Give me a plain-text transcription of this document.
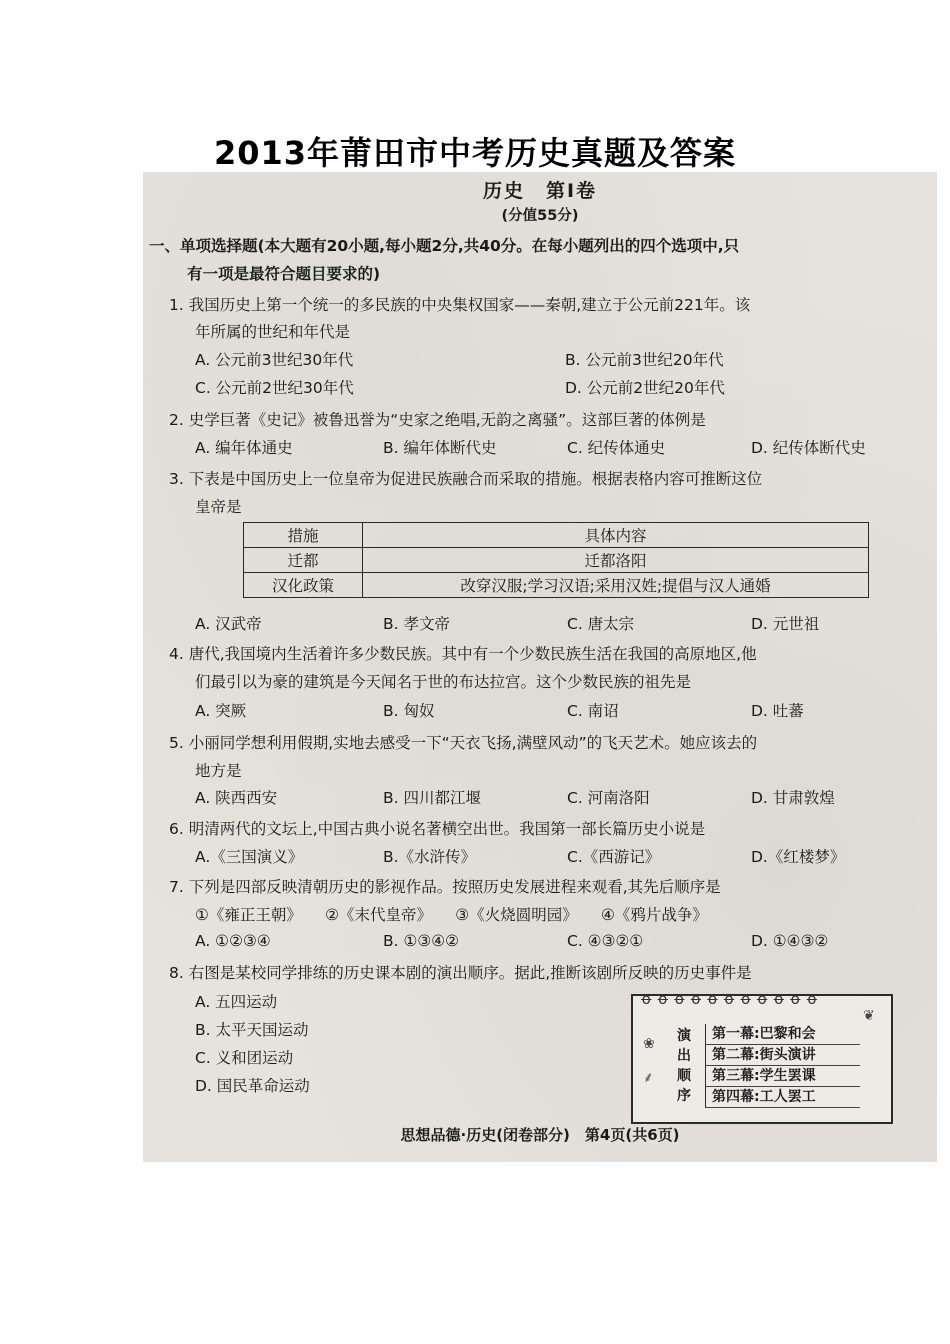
2013年莆田市中考历史真题及答案
历史　第Ⅰ卷
(分值55分)
一、单项选择题(本大题有20小题,每小题2分,共40分。在每小题列出的四个选项中,只
有一项是最符合题目要求的)
1. 我国历史上第一个统一的多民族的中央集权国家——秦朝,建立于公元前221年。该
年所属的世纪和年代是
A. 公元前3世纪30年代	B. 公元前3世纪20年代
C. 公元前2世纪30年代	D. 公元前2世纪20年代
2. 史学巨著《史记》被鲁迅誉为“史家之绝唱,无韵之离骚”。这部巨著的体例是
A. 编年体通史	B. 编年体断代史	C. 纪传体通史	D. 纪传体断代史
3. 下表是中国历史上一位皇帝为促进民族融合而采取的措施。根据表格内容可推断这位
皇帝是
措施	具体内容
迁都	迁都洛阳
汉化政策	改穿汉服;学习汉语;采用汉姓;提倡与汉人通婚
A. 汉武帝	B. 孝文帝	C. 唐太宗	D. 元世祖
4. 唐代,我国境内生活着许多少数民族。其中有一个少数民族生活在我国的高原地区,他
们最引以为豪的建筑是今天闻名于世的布达拉宫。这个少数民族的祖先是
A. 突厥	B. 匈奴	C. 南诏	D. 吐蕃
5. 小丽同学想利用假期,实地去感受一下“天衣飞扬,满壁风动”的飞天艺术。她应该去的
地方是
A. 陕西西安	B. 四川都江堰	C. 河南洛阳	D. 甘肃敦煌
6. 明清两代的文坛上,中国古典小说名著横空出世。我国第一部长篇历史小说是
A.《三国演义》	B.《水浒传》	C.《西游记》	D.《红楼梦》
7. 下列是四部反映清朝历史的影视作品。按照历史发展进程来观看,其先后顺序是
①《雍正王朝》　　②《末代皇帝》　　③《火烧圆明园》　　④《鸦片战争》
A. ①②③④	B. ①③④②	C. ④③②①	D. ①④③②
8. 右图是某校同学排练的历史课本剧的演出顺序。据此,推断该剧所反映的历史事件是
A. 五四运动
B. 太平天国运动
C. 义和团运动
D. 国民革命运动
ꝋꝋꝋꝋꝋꝋꝋꝋꝋꝋꝋ
❀

⸙
❦
演出顺序
第一幕:巴黎和会
第二幕:街头演讲
第三幕:学生罢课
第四幕:工人罢工
思想品德·历史(闭卷部分)　第4页(共6页)
